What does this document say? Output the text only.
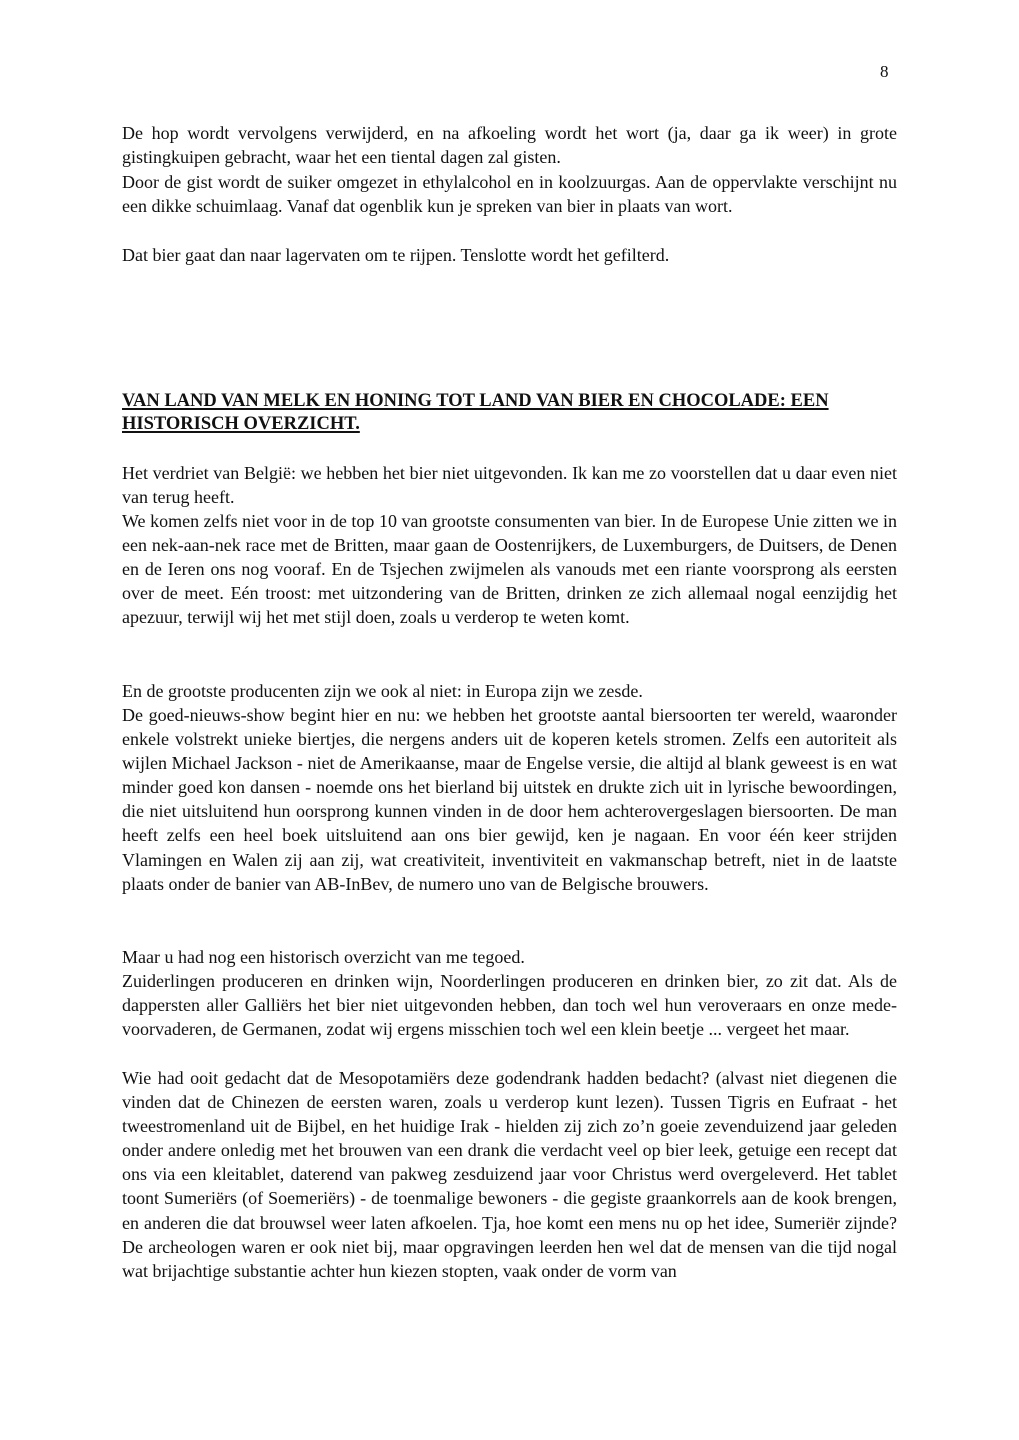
8

De hop wordt vervolgens verwijderd, en na afkoeling wordt het wort (ja, daar ga ik weer) in grote gistingkuipen gebracht, waar het een tiental dagen zal gisten.

Door de gist wordt de suiker omgezet in ethylalcohol en in koolzuurgas. Aan de oppervlakte verschijnt nu een dikke schuimlaag. Vanaf dat ogenblik kun je spreken van bier in plaats van wort.

Dat bier gaat dan naar lagervaten om te rijpen. Tenslotte wordt het gefilterd.

VAN LAND VAN MELK EN HONING TOT LAND VAN BIER EN CHOCOLADE: EEN HISTORISCH OVERZICHT.

Het verdriet van België: we hebben het bier niet uitgevonden. Ik kan me zo voorstellen dat u daar even niet van terug heeft.

We komen zelfs niet voor in de top 10 van grootste consumenten van bier. In de Europese Unie zitten we in een nek-aan-nek race met de Britten, maar gaan de Oostenrijkers, de Luxemburgers, de Duitsers, de Denen en de Ieren ons nog vooraf. En de Tsjechen zwijmelen als vanouds met een riante voorsprong als eersten over de meet. Eén troost: met uitzondering van de Britten, drinken ze zich allemaal nogal eenzijdig het apezuur, terwijl wij het met stijl doen, zoals u verderop te weten komt.

En de grootste producenten zijn we ook al niet: in Europa zijn we zesde.

De goed-nieuws-show begint hier en nu: we hebben het grootste aantal biersoorten ter wereld, waaronder enkele volstrekt unieke biertjes, die nergens anders uit de koperen ketels stromen. Zelfs een autoriteit als wijlen Michael Jackson - niet de Amerikaanse, maar de Engelse versie, die altijd al blank geweest is en wat minder goed kon dansen - noemde ons het bierland bij uitstek en drukte zich uit in lyrische bewoordingen, die niet uitsluitend hun oorsprong kunnen vinden in de door hem achterovergeslagen biersoorten. De man heeft zelfs een heel boek uitsluitend aan ons bier gewijd, ken je nagaan. En voor één keer strijden Vlamingen en Walen zij aan zij, wat creativiteit, inventiviteit en vakmanschap betreft, niet in de laatste plaats onder de banier van AB-InBev, de numero uno van de Belgische brouwers.

Maar u had nog een historisch overzicht van me tegoed.

Zuiderlingen produceren en drinken wijn, Noorderlingen produceren en drinken bier, zo zit dat. Als de dappersten aller Galliërs het bier niet uitgevonden hebben, dan toch wel hun veroveraars en onze mede-voorvaderen, de Germanen, zodat wij ergens misschien toch wel een klein beetje ... vergeet het maar.

Wie had ooit gedacht dat de Mesopotamiërs deze godendrank hadden bedacht? (alvast niet diegenen die vinden dat de Chinezen de eersten waren, zoals u verderop kunt lezen). Tussen Tigris en Eufraat - het tweestromenland uit de Bijbel, en het huidige Irak - hielden zij zich zo’n goeie zevenduizend jaar geleden onder andere onledig met het brouwen van een drank die verdacht veel op bier leek, getuige een recept dat ons via een kleitablet, daterend van pakweg zesduizend jaar voor Christus werd overgeleverd. Het tablet toont Sumeriërs (of Soemeriërs) - de toenmalige bewoners - die gegiste graankorrels aan de kook brengen, en anderen die dat brouwsel weer laten afkoelen. Tja, hoe komt een mens nu op het idee, Sumeriër zijnde? De archeologen waren er ook niet bij, maar opgravingen leerden hen wel dat de mensen van die tijd nogal wat brijachtige substantie achter hun kiezen stopten, vaak onder de vorm van
